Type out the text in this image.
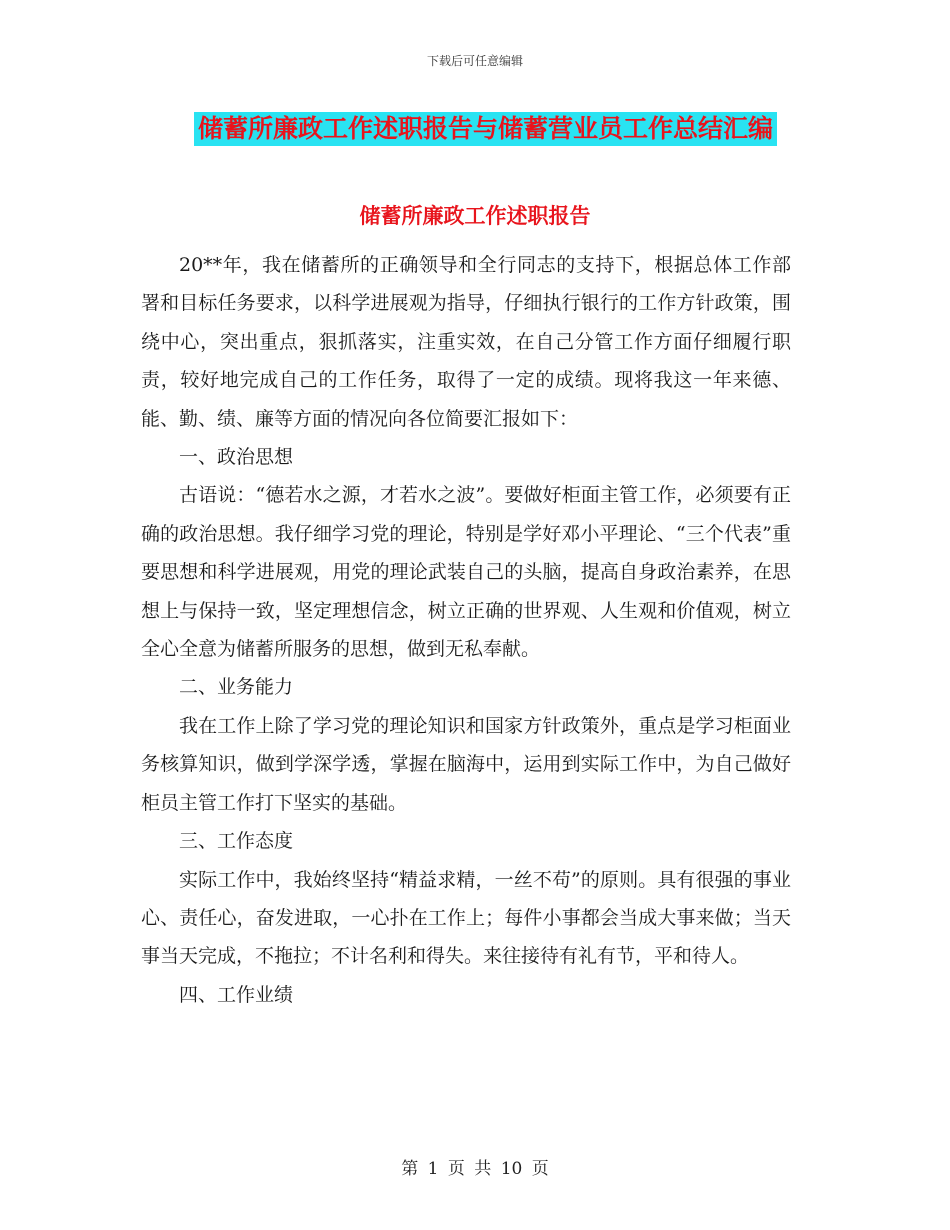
下载后可任意编辑
储蓄所廉政工作述职报告与储蓄营业员工作总结汇编
储蓄所廉政工作述职报告

20**年，我在储蓄所的正确领导和全行同志的支持下，根据总体工作部署和目标任务要求，以科学进展观为指导，仔细执行银行的工作方针政策，围绕中心，突出重点，狠抓落实，注重实效，在自己分管工作方面仔细履行职责，较好地完成自己的工作任务，取得了一定的成绩。现将我这一年来德、能、勤、绩、廉等方面的情况向各位简要汇报如下：

一、政治思想

古语说：“德若水之源，才若水之波”。要做好柜面主管工作，必须要有正确的政治思想。我仔细学习党的理论，特别是学好邓小平理论、“三个代表”重要思想和科学进展观，用党的理论武装自己的头脑，提高自身政治素养，在思想上与保持一致，坚定理想信念，树立正确的世界观、人生观和价值观，树立全心全意为储蓄所服务的思想，做到无私奉献。

二、业务能力

我在工作上除了学习党的理论知识和国家方针政策外，重点是学习柜面业务核算知识，做到学深学透，掌握在脑海中，运用到实际工作中，为自己做好柜员主管工作打下坚实的基础。

三、工作态度

实际工作中，我始终坚持“精益求精，一丝不苟”的原则。具有很强的事业心、责任心，奋发进取，一心扑在工作上；每件小事都会当成大事来做；当天事当天完成，不拖拉；不计名利和得失。来往接待有礼有节，平和待人。

四、工作业绩

第 1 页 共 10 页
